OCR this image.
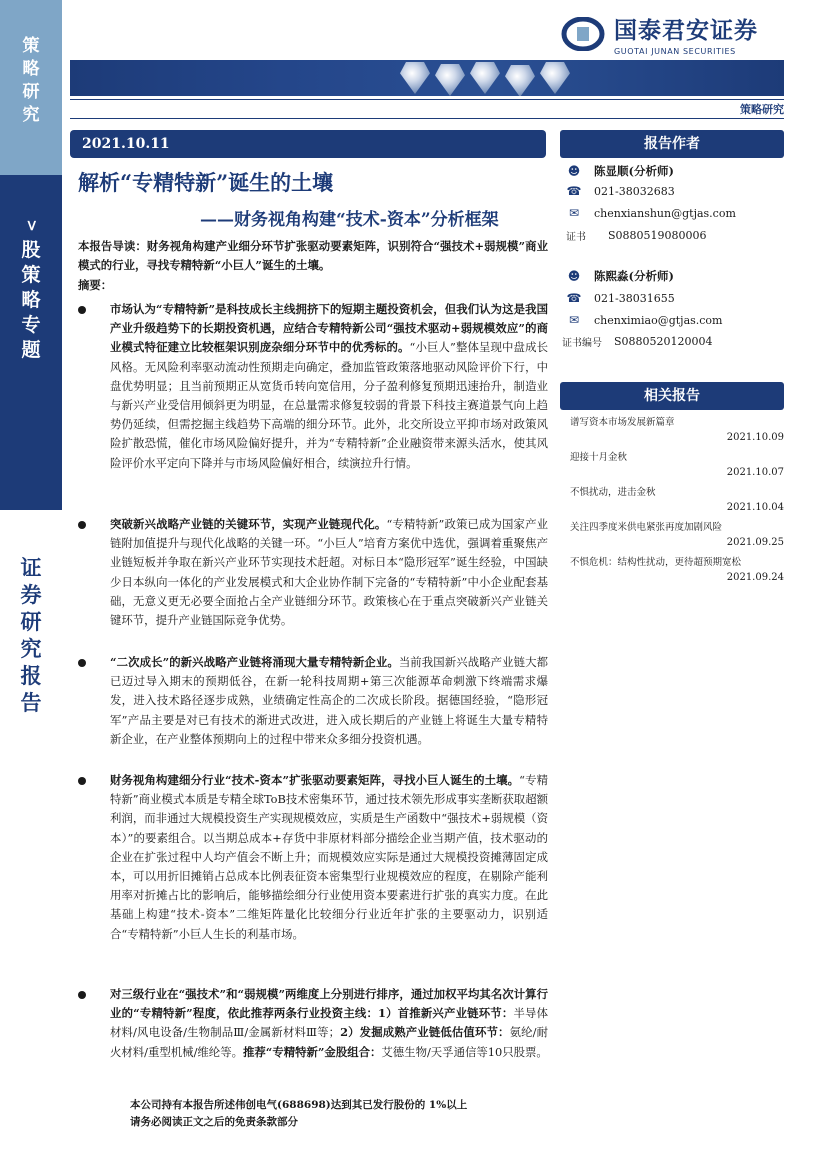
策
略
研
究
>
股
策
略
专
题
证
券
研
究
报
告
国泰君安证券
GUOTAI JUNAN SECURITIES
策略研究
2021.10.11
解析“专精特新”诞生的土壤
——财务视角构建“技术-资本”分析框架
本报告导读：财务视角构建产业细分环节扩张驱动要素矩阵，识别符合“强技术+弱规模”商业模式的行业，寻找专精特新“小巨人”诞生的土壤。
摘要：
市场认为“专精特新”是科技成长主线拥挤下的短期主题投资机会，但我们认为这是我国产业升级趋势下的长期投资机遇，应结合专精特新公司“强技术驱动+弱规模效应”的商业模式特征建立比较框架识别庞杂细分环节中的优秀标的。“小巨人”整体呈现中盘成长风格。无风险利率驱动流动性预期走向确定，叠加监管政策落地驱动风险评价下行，中盘优势明显；且当前预期正从宽货币转向宽信用，分子盈利修复预期迅速抬升，制造业与新兴产业受信用倾斜更为明显，在总量需求修复较弱的背景下科技主赛道景气向上趋势仍延续，但需挖掘主线趋势下高端的细分环节。此外，北交所设立平抑市场对政策风险扩散恐慌，催化市场风险偏好提升，并为“专精特新”企业融资带来源头活水，使其风险评价水平定向下降并与市场风险偏好相合，续演拉升行情。
突破新兴战略产业链的关键环节，实现产业链现代化。“专精特新”政策已成为国家产业链附加值提升与现代化战略的关键一环。“小巨人”培育方案优中选优，强调着重聚焦产业链短板并争取在新兴产业环节实现技术赶超。对标日本“隐形冠军”诞生经验，中国缺少日本纵向一体化的产业发展模式和大企业协作制下完备的“专精特新”中小企业配套基础，无意义更无必要全面抢占全产业链细分环节。政策核心在于重点突破新兴产业链关键环节，提升产业链国际竞争优势。
“二次成长”的新兴战略产业链将涌现大量专精特新企业。当前我国新兴战略产业链大都已迈过导入期末的预期低谷，在新一轮科技周期+第三次能源革命刺激下终端需求爆发，进入技术路径逐步成熟，业绩确定性高企的二次成长阶段。据德国经验，“隐形冠军”产品主要是对已有技术的渐进式改进，进入成长期后的产业链上将诞生大量专精特新企业，在产业整体预期向上的过程中带来众多细分投资机遇。
财务视角构建细分行业“技术-资本”扩张驱动要素矩阵，寻找小巨人诞生的土壤。“专精特新”商业模式本质是专精全球ToB技术密集环节，通过技术领先形成事实垄断获取超额利润，而非通过大规模投资生产实现规模效应，实质是生产函数中“强技术+弱规模（资本）”的要素组合。以当期总成本+存货中非原材料部分描绘企业当期产值，技术驱动的企业在扩张过程中人均产值会不断上升；而规模效应实际是通过大规模投资摊薄固定成本，可以用折旧摊销占总成本比例表征资本密集型行业规模效应的程度，在剔除产能利用率对折摊占比的影响后，能够描绘细分行业使用资本要素进行扩张的真实力度。在此基础上构建“技术-资本”二维矩阵量化比较细分行业近年扩张的主要驱动力，识别适合“专精特新”小巨人生长的利基市场。
对三级行业在“强技术”和“弱规模”两维度上分别进行排序，通过加权平均其名次计算行业的“专精特新”程度，依此推荐两条行业投资主线：1）首推新兴产业链环节：半导体材料/风电设备/生物制品Ⅲ/金属新材料Ⅲ等；2）发掘成熟产业链低估值环节：氨纶/耐火材料/重型机械/维纶等。推荐“专精特新”金股组合：艾德生物/天孚通信等10只股票。
报告作者
☻ 陈显顺(分析师)
☎ 021-38032683
✉ chenxianshun@gtjas.com
证书 S0880519080006
☻ 陈熙淼(分析师)
☎ 021-38031655
✉ chenximiao@gtjas.com
证书编号 S0880520120004
相关报告
谱写资本市场发展新篇章
2021.10.09
迎接十月金秋
2021.10.07
不惧扰动，进击金秋
2021.10.04
关注四季度米供电紧张再度加剧风险
2021.09.25
不惧危机：结构性扰动，更待超预期宽松
2021.09.24
本公司持有本报告所述伟创电气(688698)达到其已发行股份的 1%以上
请务必阅读正文之后的免责条款部分
